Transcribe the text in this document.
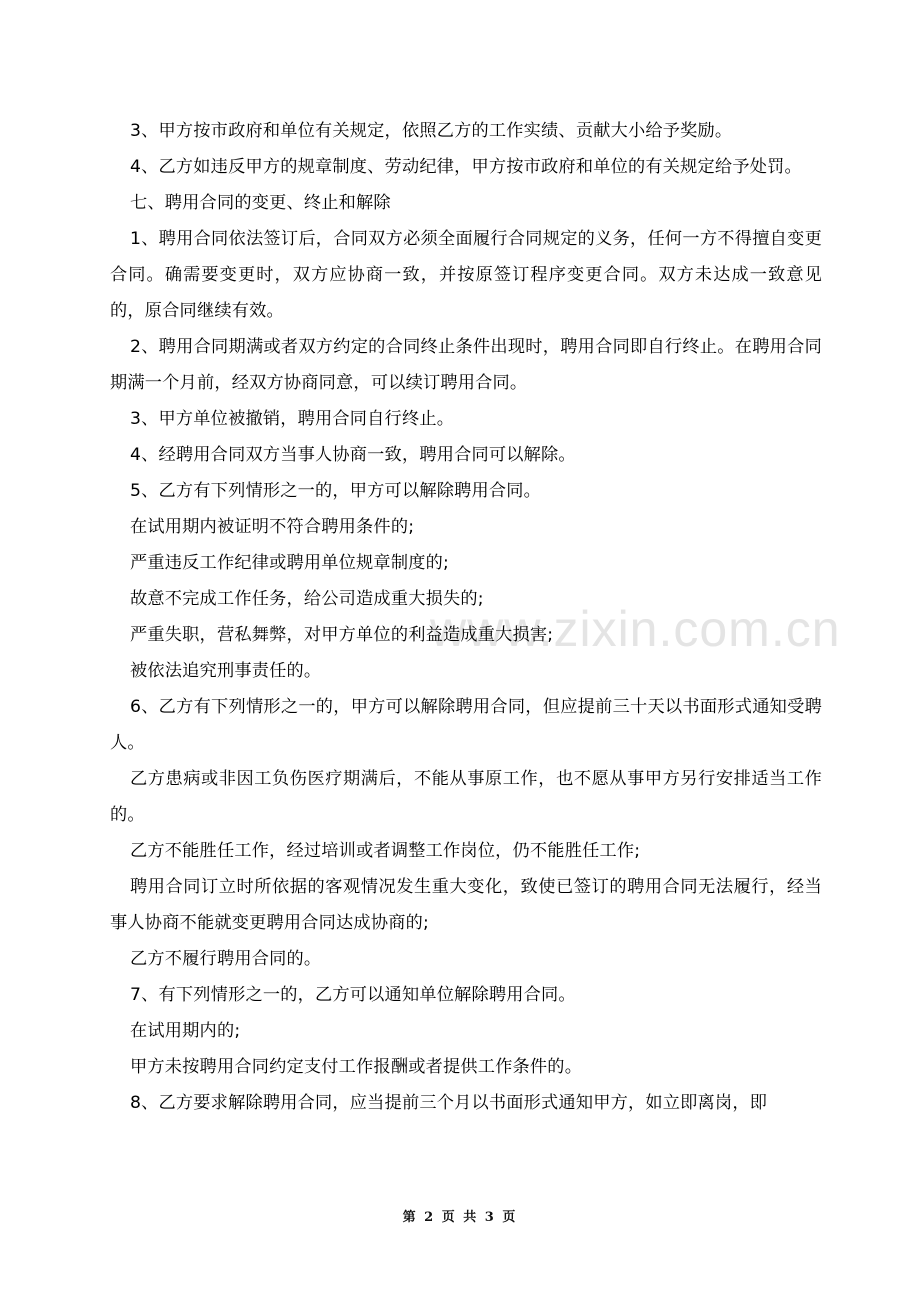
www.zixin.com.cn

3、甲方按市政府和单位有关规定，依照乙方的工作实绩、贡献大小给予奖励。

4、乙方如违反甲方的规章制度、劳动纪律，甲方按市政府和单位的有关规定给予处罚。

七、聘用合同的变更、终止和解除

1、聘用合同依法签订后，合同双方必须全面履行合同规定的义务，任何一方不得擅自变更合同。确需要变更时，双方应协商一致，并按原签订程序变更合同。双方未达成一致意见的，原合同继续有效。

2、聘用合同期满或者双方约定的合同终止条件出现时，聘用合同即自行终止。在聘用合同期满一个月前，经双方协商同意，可以续订聘用合同。

3、甲方单位被撤销，聘用合同自行终止。

4、经聘用合同双方当事人协商一致，聘用合同可以解除。

5、乙方有下列情形之一的，甲方可以解除聘用合同。

在试用期内被证明不符合聘用条件的;

严重违反工作纪律或聘用单位规章制度的;

故意不完成工作任务，给公司造成重大损失的;

严重失职，营私舞弊，对甲方单位的利益造成重大损害;

被依法追究刑事责任的。

6、乙方有下列情形之一的，甲方可以解除聘用合同，但应提前三十天以书面形式通知受聘人。

乙方患病或非因工负伤医疗期满后，不能从事原工作，也不愿从事甲方另行安排适当工作的。

乙方不能胜任工作，经过培训或者调整工作岗位，仍不能胜任工作;

聘用合同订立时所依据的客观情况发生重大变化，致使已签订的聘用合同无法履行，经当事人协商不能就变更聘用合同达成协商的;

乙方不履行聘用合同的。

7、有下列情形之一的，乙方可以通知单位解除聘用合同。

在试用期内的;

甲方未按聘用合同约定支付工作报酬或者提供工作条件的。

8、乙方要求解除聘用合同，应当提前三个月以书面形式通知甲方，如立即离岗，即

第 2 页 共 3 页
